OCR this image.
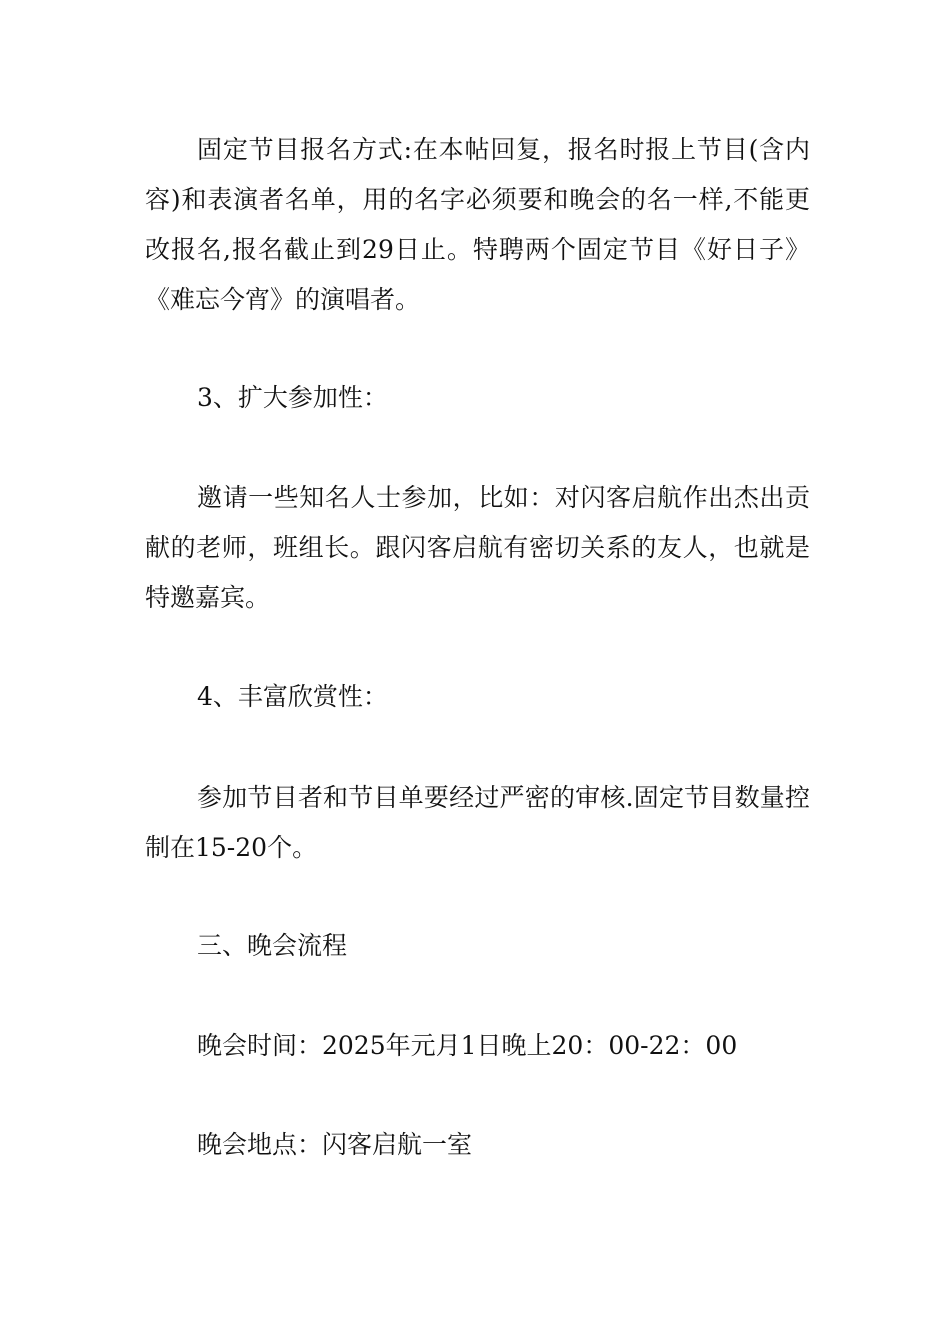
固定节目报名方式:在本帖回复，报名时报上节目(含内容)和表演者名单，用的名字必须要和晚会的名一样,不能更改报名,报名截止到29日止。特聘两个固定节目《好日子》《难忘今宵》的演唱者。

3、扩大参加性：

邀请一些知名人士参加，比如：对闪客启航作出杰出贡献的老师，班组长。跟闪客启航有密切关系的友人，也就是特邀嘉宾。

4、丰富欣赏性：

参加节目者和节目单要经过严密的审核.固定节目数量控制在15-20个。

三、晚会流程

晚会时间：2025年元月1日晚上20：00-22：00

晚会地点：闪客启航一室
